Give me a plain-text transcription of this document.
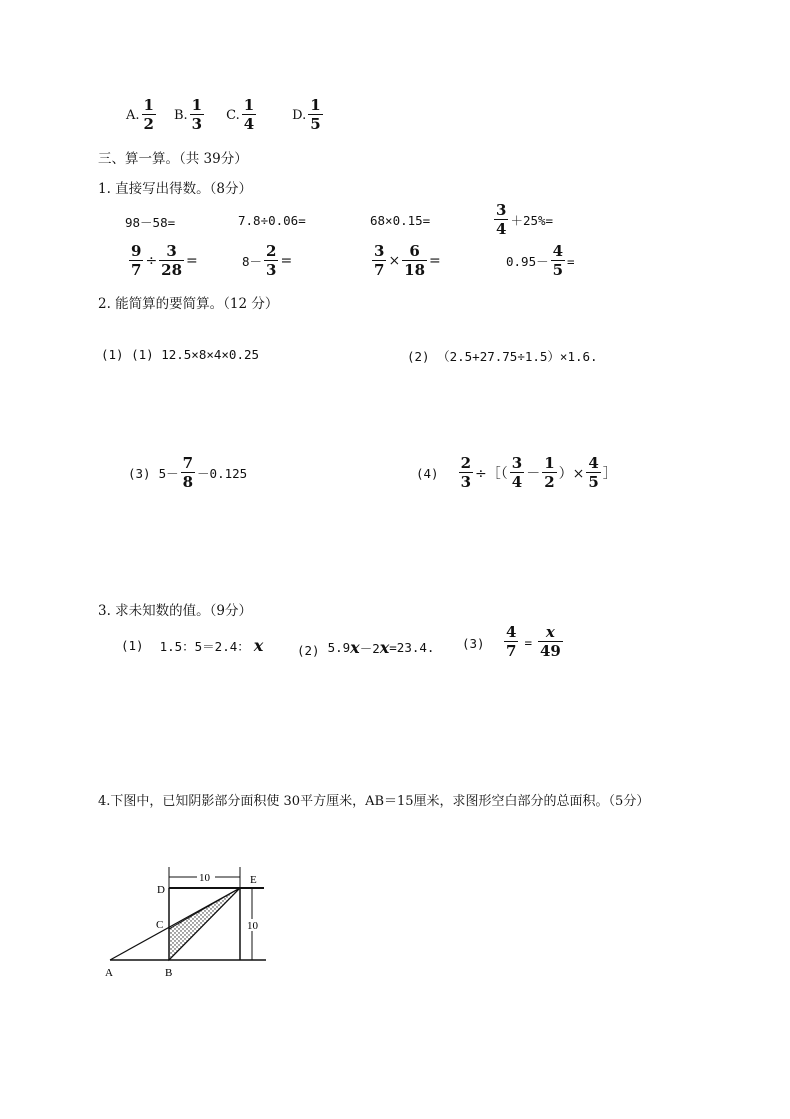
A. $\frac{1}{2} B$. $\frac{1}{3} C$. $\frac{1}{4}$	D. $\frac{1}{5}$
三、算一算。（共 39分）
1. 直接写出得数。（8分）
98－58=	7.8÷0.06=	68×0.15=	$\frac{3}{4} +25\%=$
$\frac{9}{7} \div \frac{3}{28}$ =	$8- \frac{2}{3}$ =	$\frac{3}{7} \times \frac{6}{18}$ =	$0.95- \frac{4}{5}$ =
2. 能简算的要简算。（12 分）
(1) (1) 12.5×8×4×0.25	(2) （2.5+27.75÷1.5）×1.6.
(3) $5- \frac{7}{8} -0.125$	$(4) \frac{2}{3}$ ÷［（ $\frac{3}{4} - \frac{1}{2}$ ）× $\frac{4}{5}$ ］
3. 求未知数的值。（9分）
(1) 1.5：5＝2.4： x	(2) 5.9 x －2 x =23.4. $(3) \frac{4}{7} = \frac{x}{49}$
4.下图中，已知阴影部分面积使 30平方厘米，AB＝15厘米，求图形空白部分的总面积。（5分）
D
C
A	B
E
10
10
